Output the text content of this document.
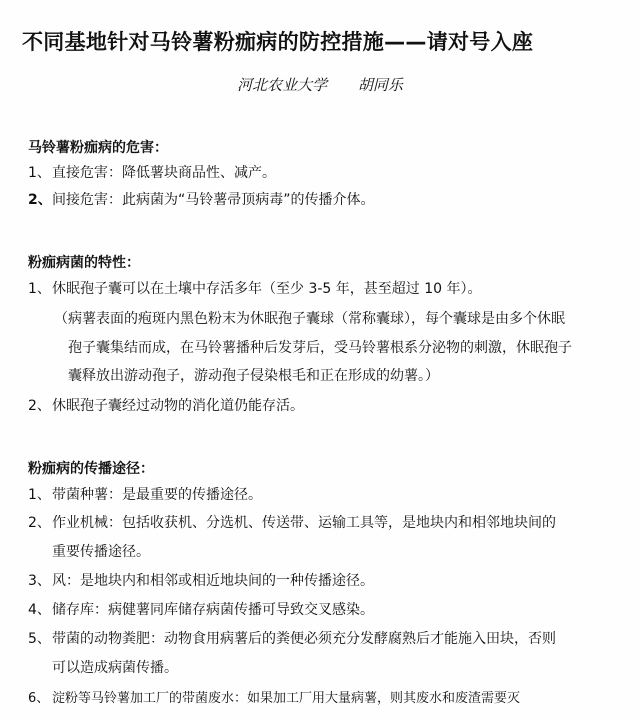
不同基地针对马铃薯粉痂病的防控措施——请对号入座
河北农业大学 胡同乐
马铃薯粉痂病的危害：
1、直接危害：降低薯块商品性、减产。
2、间接危害：此病菌为“马铃薯帚顶病毒”的传播介体。
粉痂病菌的特性：
1、休眠孢子囊可以在土壤中存活多年（至少 3-5 年，甚至超过 10 年）。
（病薯表面的疱斑内黑色粉末为休眠孢子囊球（常称囊球），每个囊球是由多个休眠
孢子囊集结而成，在马铃薯播种后发芽后，受马铃薯根系分泌物的刺激，休眠孢子
囊释放出游动孢子，游动孢子侵染根毛和正在形成的幼薯。）
2、休眠孢子囊经过动物的消化道仍能存活。
粉痂病的传播途径：
1、带菌种薯：是最重要的传播途径。
2、作业机械：包括收获机、分选机、传送带、运输工具等，是地块内和相邻地块间的
重要传播途径。
3、风：是地块内和相邻或相近地块间的一种传播途径。
4、储存库：病健薯同库储存病菌传播可导致交叉感染。
5、带菌的动物粪肥：动物食用病薯后的粪便必须充分发酵腐熟后才能施入田块，否则
可以造成病菌传播。
6、 淀粉等马铃薯加工厂的带菌废水：如果加工厂用大量病薯，则其废水和废渣需要灭
